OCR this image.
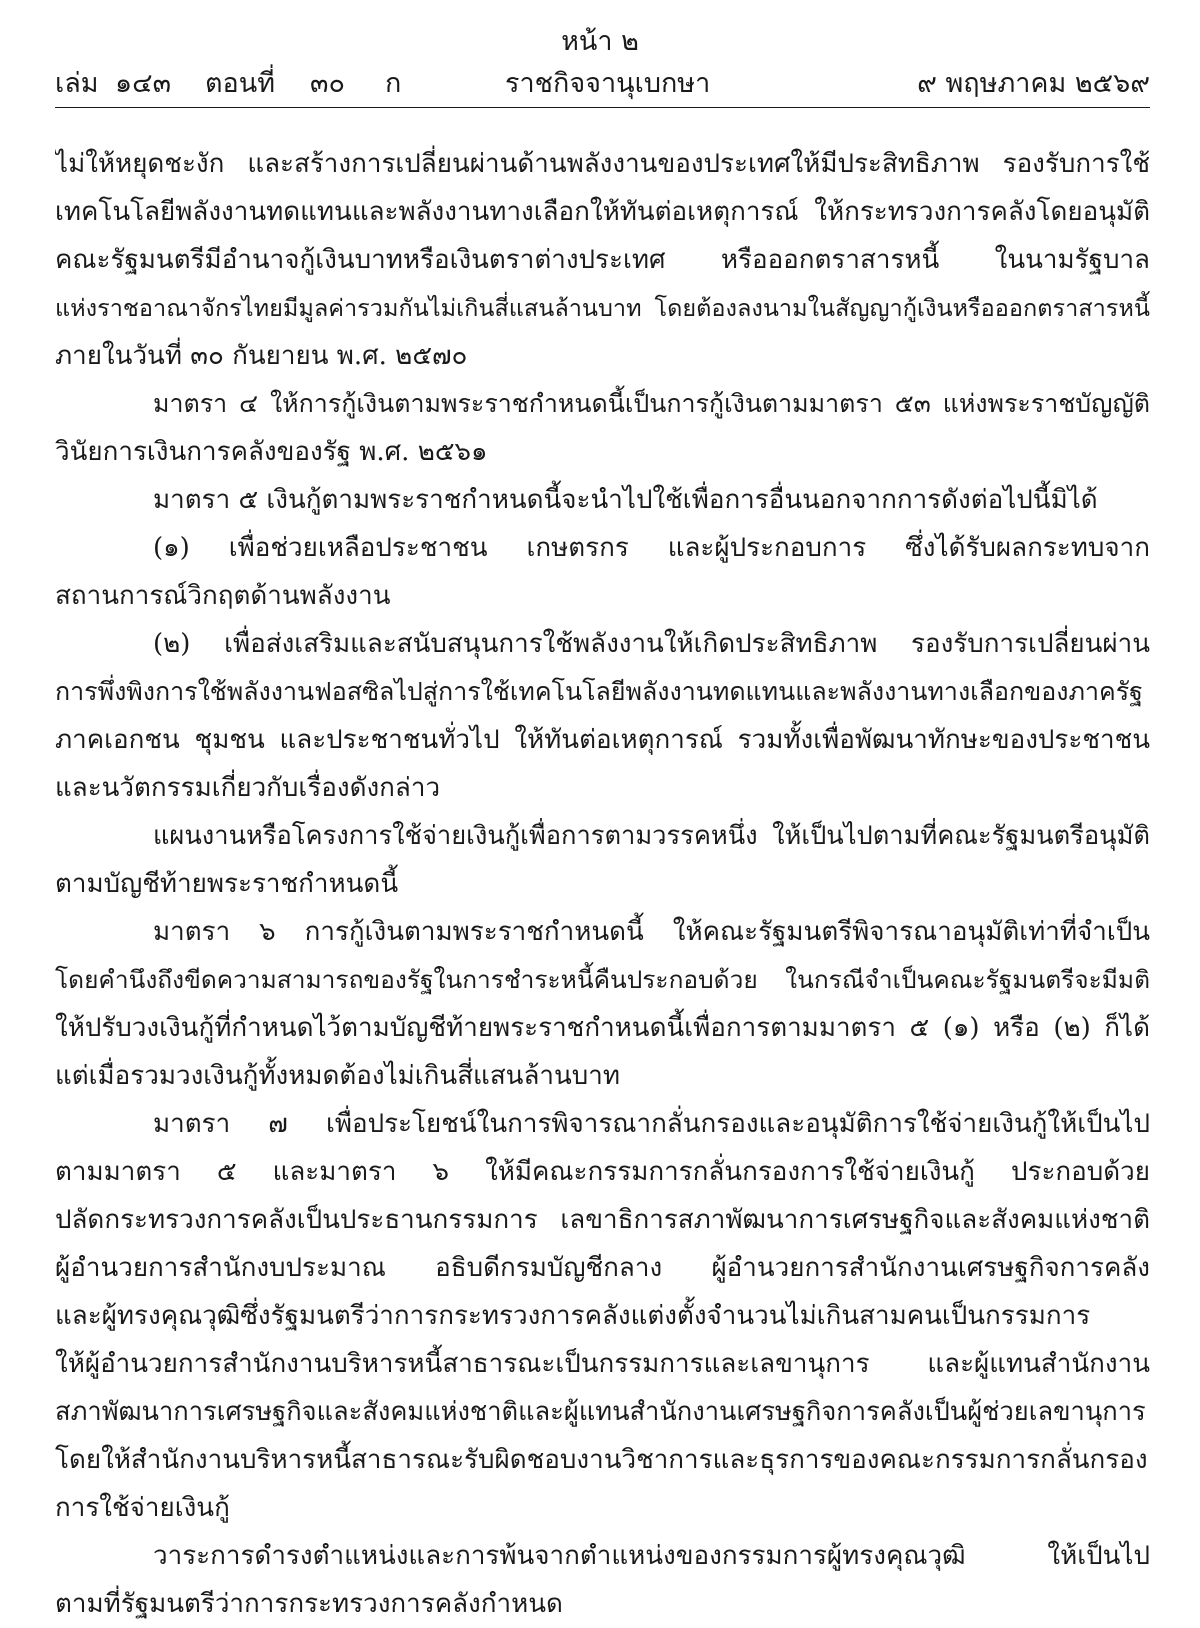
หน้า ๒
เล่ม ๑๔๓ ตอนที่ ๓๐ ก	ราชกิจจานุเบกษา	๙ พฤษภาคม ๒๕๖๙
ไม่ให้หยุดชะงัก และสร้างการเปลี่ยนผ่านด้านพลังงานของประเทศให้มีประสิทธิภาพ รองรับการใช้
เทคโนโลยีพลังงานทดแทนและพลังงานทางเลือกให้ทันต่อเหตุการณ์ ให้กระทรวงการคลังโดยอนุมัติ
คณะรัฐมนตรีมีอำนาจกู้เงินบาทหรือเงินตราต่างประเทศ หรือออกตราสารหนี้ ในนามรัฐบาล
แห่งราชอาณาจักรไทยมีมูลค่ารวมกันไม่เกินสี่แสนล้านบาท โดยต้องลงนามในสัญญากู้เงินหรือออกตราสารหนี้
ภายในวันที่ ๓๐ กันยายน พ.ศ. ๒๕๗๐
มาตรา ๔ ให้การกู้เงินตามพระราชกำหนดนี้เป็นการกู้เงินตามมาตรา ๕๓ แห่งพระราชบัญญัติ
วินัยการเงินการคลังของรัฐ พ.ศ. ๒๕๖๑
มาตรา ๕ เงินกู้ตามพระราชกำหนดนี้จะนำไปใช้เพื่อการอื่นนอกจากการดังต่อไปนี้มิได้
(๑) เพื่อช่วยเหลือประชาชน เกษตรกร และผู้ประกอบการ ซึ่งได้รับผลกระทบจาก
สถานการณ์วิกฤตด้านพลังงาน
(๒) เพื่อส่งเสริมและสนับสนุนการใช้พลังงานให้เกิดประสิทธิภาพ รองรับการเปลี่ยนผ่าน
การพึ่งพิงการใช้พลังงานฟอสซิลไปสู่การใช้เทคโนโลยีพลังงานทดแทนและพลังงานทางเลือกของภาครัฐ
ภาคเอกชน ชุมชน และประชาชนทั่วไป ให้ทันต่อเหตุการณ์ รวมทั้งเพื่อพัฒนาทักษะของประชาชน
และนวัตกรรมเกี่ยวกับเรื่องดังกล่าว
แผนงานหรือโครงการใช้จ่ายเงินกู้เพื่อการตามวรรคหนึ่ง ให้เป็นไปตามที่คณะรัฐมนตรีอนุมัติ
ตามบัญชีท้ายพระราชกำหนดนี้
มาตรา ๖ การกู้เงินตามพระราชกำหนดนี้ ให้คณะรัฐมนตรีพิจารณาอนุมัติเท่าที่จำเป็น
โดยคำนึงถึงขีดความสามารถของรัฐในการชำระหนี้คืนประกอบด้วย ในกรณีจำเป็นคณะรัฐมนตรีจะมีมติ
ให้ปรับวงเงินกู้ที่กำหนดไว้ตามบัญชีท้ายพระราชกำหนดนี้เพื่อการตามมาตรา ๕ (๑) หรือ (๒) ก็ได้
แต่เมื่อรวมวงเงินกู้ทั้งหมดต้องไม่เกินสี่แสนล้านบาท
มาตรา ๗ เพื่อประโยชน์ในการพิจารณากลั่นกรองและอนุมัติการใช้จ่ายเงินกู้ให้เป็นไป
ตามมาตรา ๕ และมาตรา ๖ ให้มีคณะกรรมการกลั่นกรองการใช้จ่ายเงินกู้ ประกอบด้วย
ปลัดกระทรวงการคลังเป็นประธานกรรมการ เลขาธิการสภาพัฒนาการเศรษฐกิจและสังคมแห่งชาติ
ผู้อำนวยการสำนักงบประมาณ อธิบดีกรมบัญชีกลาง ผู้อำนวยการสำนักงานเศรษฐกิจการคลัง
และผู้ทรงคุณวุฒิซึ่งรัฐมนตรีว่าการกระทรวงการคลังแต่งตั้งจำนวนไม่เกินสามคนเป็นกรรมการ
ให้ผู้อำนวยการสำนักงานบริหารหนี้สาธารณะเป็นกรรมการและเลขานุการ และผู้แทนสำนักงาน
สภาพัฒนาการเศรษฐกิจและสังคมแห่งชาติและผู้แทนสำนักงานเศรษฐกิจการคลังเป็นผู้ช่วยเลขานุการ
โดยให้สำนักงานบริหารหนี้สาธารณะรับผิดชอบงานวิชาการและธุรการของคณะกรรมการกลั่นกรอง
การใช้จ่ายเงินกู้
วาระการดำรงตำแหน่งและการพ้นจากตำแหน่งของกรรมการผู้ทรงคุณวุฒิ ให้เป็นไป
ตามที่รัฐมนตรีว่าการกระทรวงการคลังกำหนด
